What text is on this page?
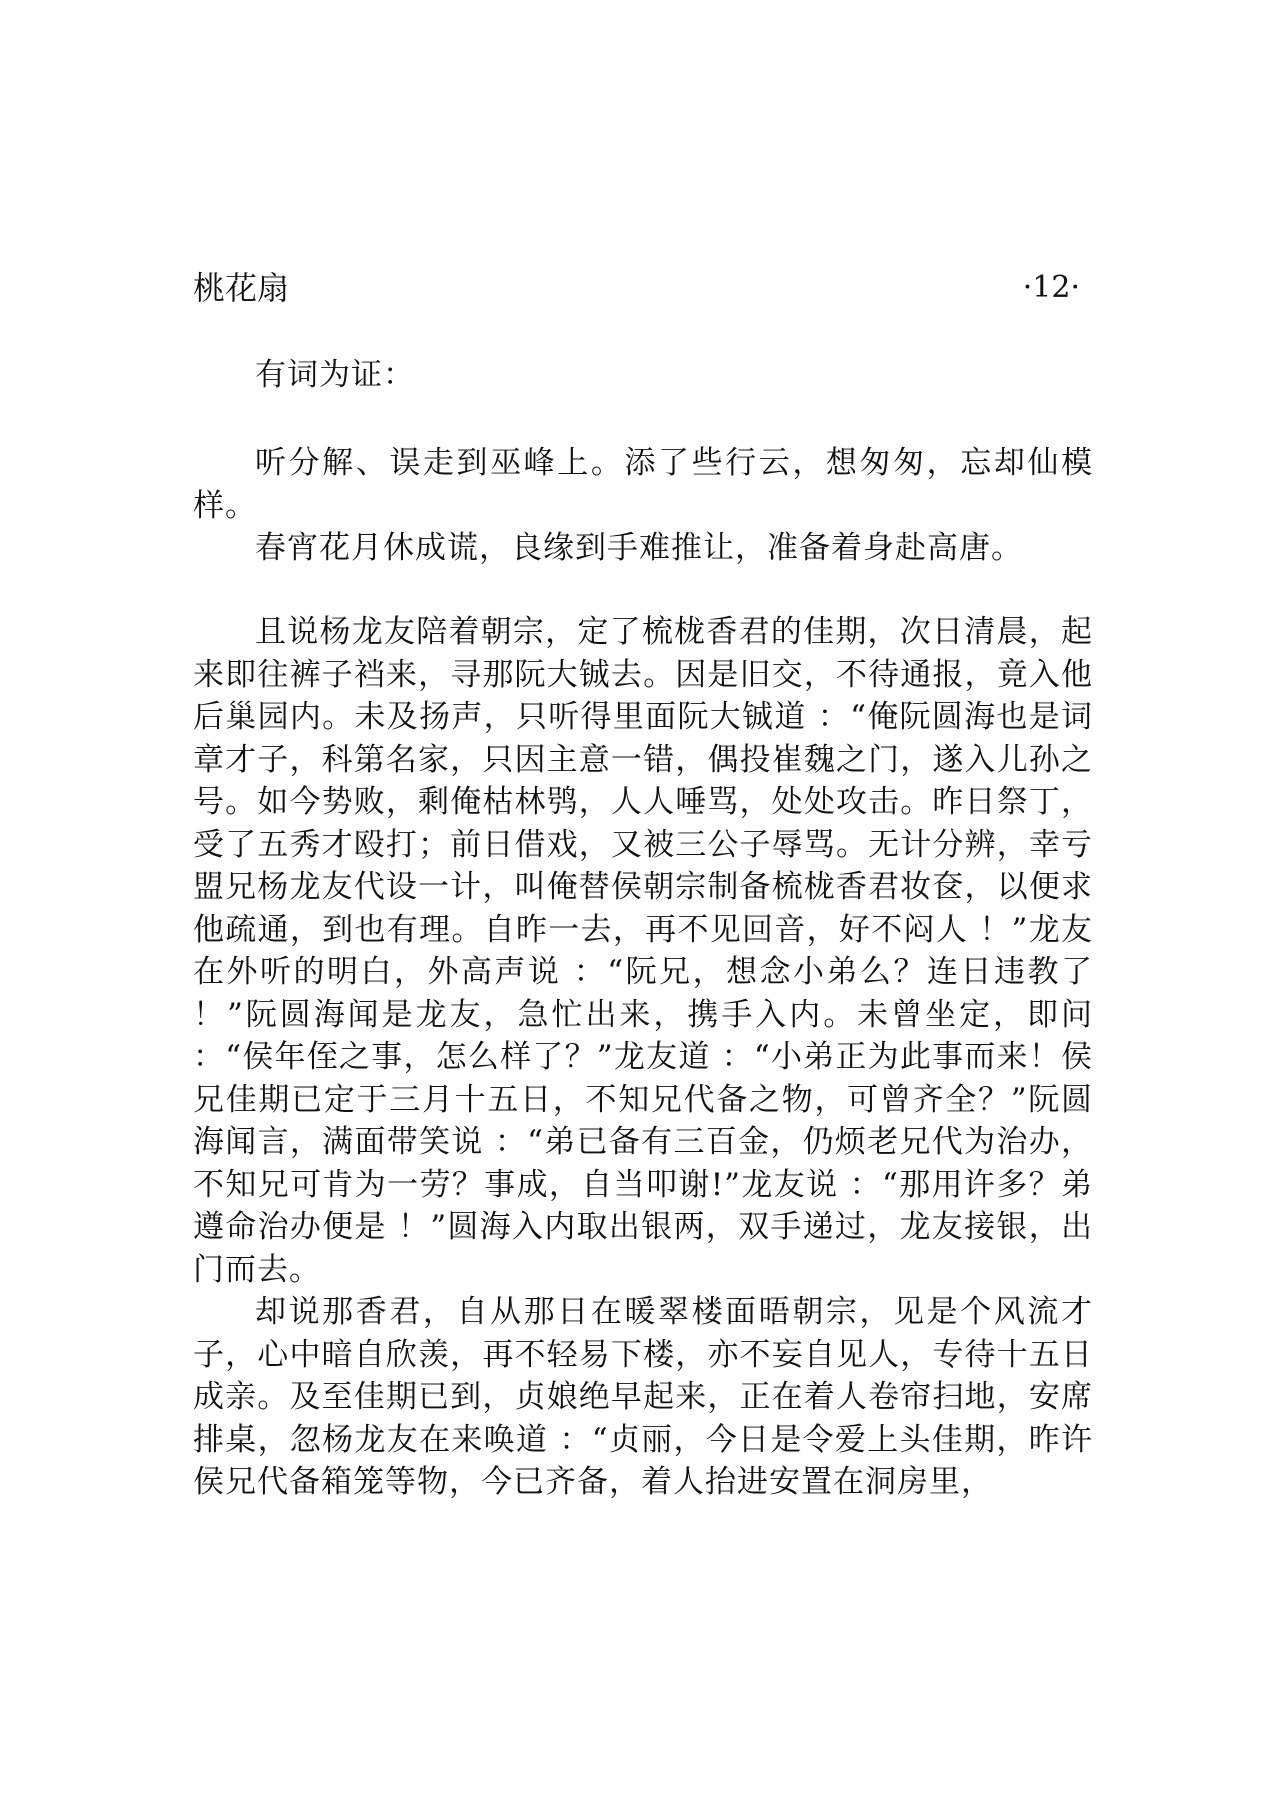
桃花扇	·12·

有词为证：

听分解、误走到巫峰上。添了些行云，想匆匆，忘却仙模样。

春宵花月休成谎，良缘到手难推让，准备着身赴高唐。

且说杨龙友陪着朝宗，定了梳栊香君的佳期，次日清晨，起来即往裤子裆来，寻那阮大铖去。因是旧交，不待通报，竟入他后巢园内。未及扬声，只听得里面阮大铖道 ：“俺阮圆海也是词章才子，科第名家，只因主意一错，偶投崔魏之门，遂入儿孙之号。如今势败，剩俺枯林鸮，人人唾骂，处处攻击。昨日祭丁，受了五秀才殴打；前日借戏，又被三公子辱骂。无计分辨，幸亏盟兄杨龙友代设一计，叫俺替侯朝宗制备梳栊香君妆奁，以便求他疏通，到也有理。自昨一去，再不见回音，好不闷人 ！”龙友在外听的明白，外高声说 ：“阮兄，想念小弟么？连日违教了 ！”阮圆海闻是龙友，急忙出来，携手入内。未曾坐定，即问 ：“侯年侄之事，怎么样了？”龙友道 ：“小弟正为此事而来！侯兄佳期已定于三月十五日，不知兄代备之物，可曾齐全？”阮圆海闻言，满面带笑说 ：“弟已备有三百金，仍烦老兄代为治办，不知兄可肯为一劳？事成，自当叩谢!”龙友说 ：“那用许多？弟遵命治办便是 ！”圆海入内取出银两，双手递过，龙友接银，出门而去。

却说那香君，自从那日在暖翠楼面晤朝宗，见是个风流才子，心中暗自欣羡，再不轻易下楼，亦不妄自见人，专待十五日成亲。及至佳期已到，贞娘绝早起来，正在着人卷帘扫地，安席排桌，忽杨龙友在来唤道 ：“贞丽，今日是令爱上头佳期，昨许侯兄代备箱笼等物，今已齐备，着人抬进安置在洞房里，
